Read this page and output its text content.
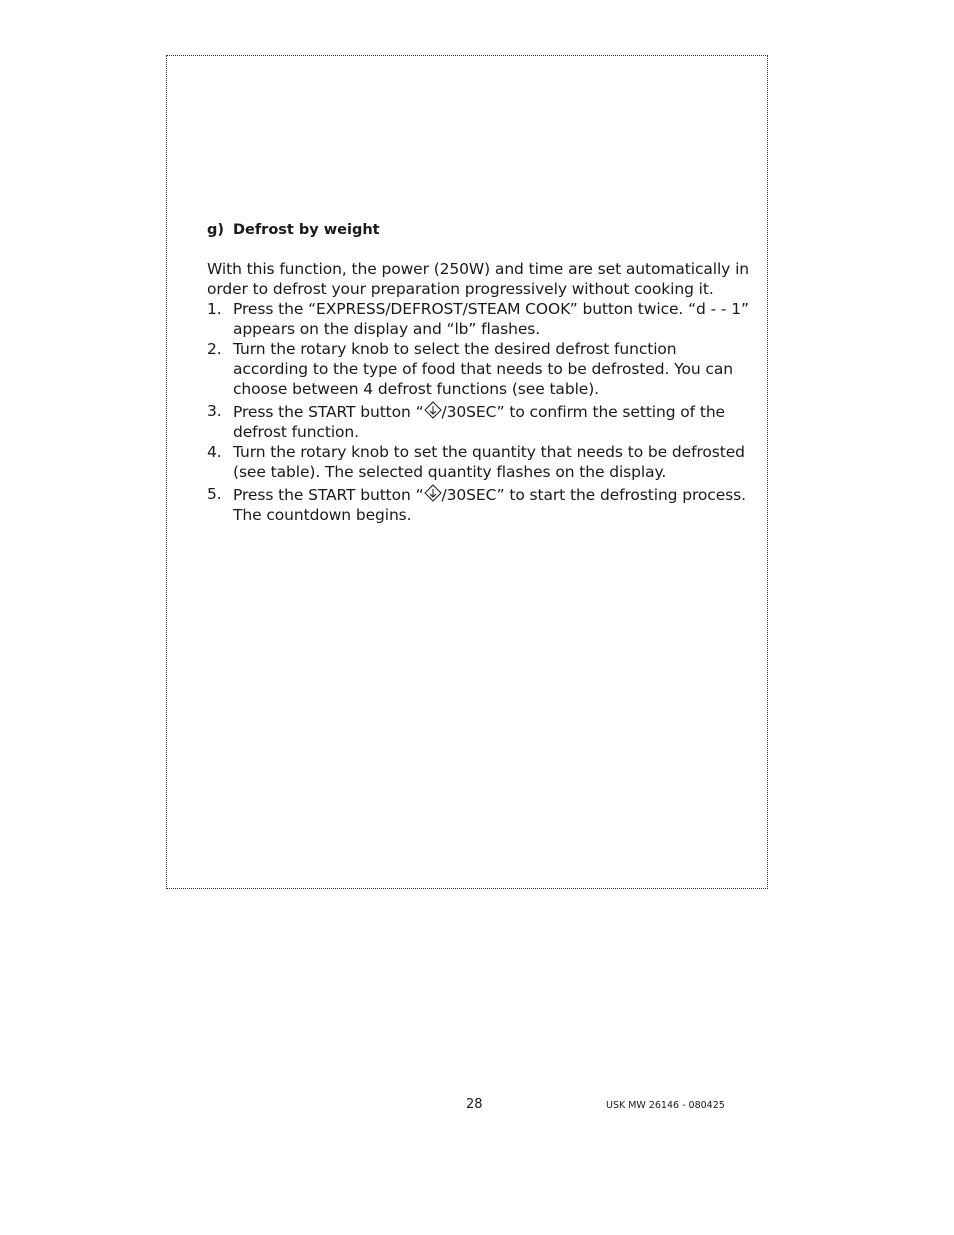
g) Defrost by weight

With this function, the power (250W) and time are set automatically in order to defrost your preparation progressively without cooking it.

1. Press the “EXPRESS/DEFROST/STEAM COOK” button twice. “d - - 1” appears on the display and “lb” flashes.
2. Turn the rotary knob to select the desired defrost function according to the type of food that needs to be defrosted. You can choose between 4 defrost functions (see table).
3. Press the START button “ /30SEC” to confirm the setting of the defrost function.
4. Turn the rotary knob to set the quantity that needs to be defrosted (see table). The selected quantity flashes on the display.
5. Press the START button “ /30SEC” to start the defrosting process. The countdown begins.
28	USK MW 26146 - 080425
